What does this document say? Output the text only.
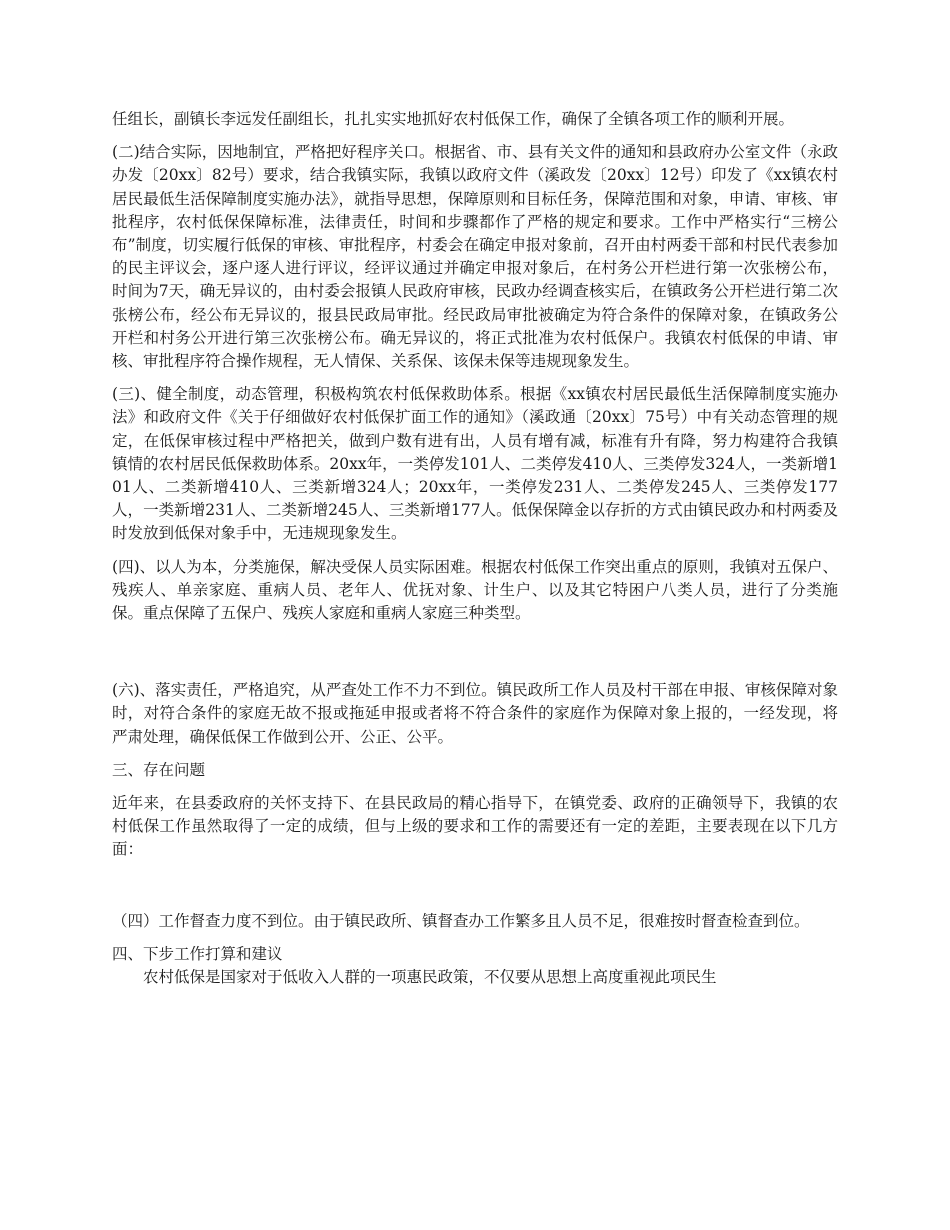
任组长，副镇长李远发任副组长，扎扎实实地抓好农村低保工作，确保了全镇各项工作的顺利开展。

(二)结合实际，因地制宜，严格把好程序关口。根据省、市、县有关文件的通知和县政府办公室文件（永政办发〔20xx〕82号）要求，结合我镇实际，我镇以政府文件（溪政发〔20xx〕12号）印发了《xx镇农村居民最低生活保障制度实施办法》，就指导思想，保障原则和目标任务，保障范围和对象，申请、审核、审批程序，农村低保保障标准，法律责任，时间和步骤都作了严格的规定和要求。工作中严格实行“三榜公布”制度，切实履行低保的审核、审批程序，村委会在确定申报对象前，召开由村两委干部和村民代表参加的民主评议会，逐户逐人进行评议，经评议通过并确定申报对象后，在村务公开栏进行第一次张榜公布，时间为7天，确无异议的，由村委会报镇人民政府审核，民政办经调查核实后，在镇政务公开栏进行第二次张榜公布，经公布无异议的，报县民政局审批。经民政局审批被确定为符合条件的保障对象，在镇政务公开栏和村务公开进行第三次张榜公布。确无异议的，将正式批准为农村低保户。我镇农村低保的申请、审核、审批程序符合操作规程，无人情保、关系保、该保未保等违规现象发生。

(三)、健全制度，动态管理，积极构筑农村低保救助体系。根据《xx镇农村居民最低生活保障制度实施办法》和政府文件《关于仔细做好农村低保扩面工作的通知》（溪政通〔20xx〕75号）中有关动态管理的规定，在低保审核过程中严格把关，做到户数有进有出，人员有增有减，标准有升有降，努力构建符合我镇镇情的农村居民低保救助体系。20xx年，一类停发101人、二类停发410人、三类停发324人，一类新增101人、二类新增410人、三类新增324人；20xx年，一类停发231人、二类停发245人、三类停发177人，一类新增231人、二类新增245人、三类新增177人。低保保障金以存折的方式由镇民政办和村两委及时发放到低保对象手中，无违规现象发生。

(四)、以人为本，分类施保，解决受保人员实际困难。根据农村低保工作突出重点的原则，我镇对五保户、残疾人、单亲家庭、重病人员、老年人、优抚对象、计生户、以及其它特困户八类人员，进行了分类施保。重点保障了五保户、残疾人家庭和重病人家庭三种类型。

(六)、落实责任，严格追究，从严查处工作不力不到位。镇民政所工作人员及村干部在申报、审核保障对象时，对符合条件的家庭无故不报或拖延申报或者将不符合条件的家庭作为保障对象上报的，一经发现，将严肃处理，确保低保工作做到公开、公正、公平。

三、存在问题

近年来，在县委政府的关怀支持下、在县民政局的精心指导下，在镇党委、政府的正确领导下，我镇的农村低保工作虽然取得了一定的成绩，但与上级的要求和工作的需要还有一定的差距，主要表现在以下几方面：

（四）工作督查力度不到位。由于镇民政所、镇督查办工作繁多且人员不足，很难按时督查检查到位。

四、下步工作打算和建议

农村低保是国家对于低收入人群的一项惠民政策，不仅要从思想上高度重视此项民生
